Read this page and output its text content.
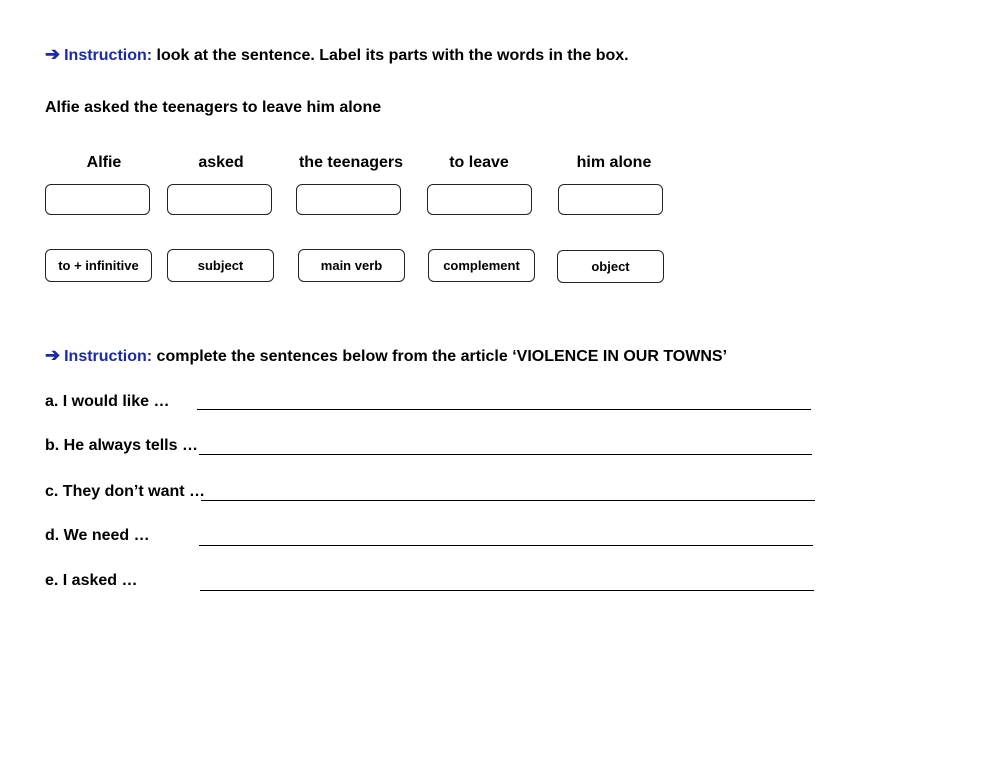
➔ Instruction: look at the sentence. Label its parts with the words in the box.
Alfie asked the teenagers to leave him alone
Alfie	asked	the teenagers	to leave	him alone
to + infinitive	subject	main verb	complement	object
➔ Instruction: complete the sentences below from the article ‘VIOLENCE IN OUR TOWNS’
a. I would like …
b. He always tells …
c. They don’t want …
d. We need …
e. I asked …
